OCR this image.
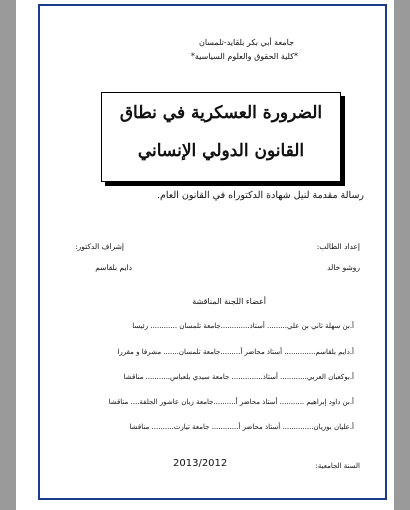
جامعة أبي بكر بلقايد-تلمسان
*كلية الحقوق والعلوم السياسية*
الضرورة العسكرية في نطاق
القانون الدولي الإنساني
رسالة مقدمة لنيل شهادة الدكتوراه في القانون العام.
إعداد الطالب:
إشراف الدكتور:
روشو خالد
دايم بلقاسم
أعضاء اللجنة المناقشة
أ.بن سهلة ثاني بن علي......... أستاذ.............جامعة تلمسان ............ رئيسا
أ.دايم بلقاسم.............. أستاذ محاضر أ.........جامعة تلمسان....... مشرفا و مقررا
أ.بوكعبان العربي............ أستاذ.............. جامعة سيدي بلعباس........... مناقشا
أ.بن داود إبراهيم ........... أستاذ محاضر أ..........جامعة زيان عاشور الجلفة.... مناقشا
أ.عليان بوزيان.............. أستاذ محاضر أ............ جامعة تيارت.......... مناقشا
السنة الجامعية:
2013/2012
